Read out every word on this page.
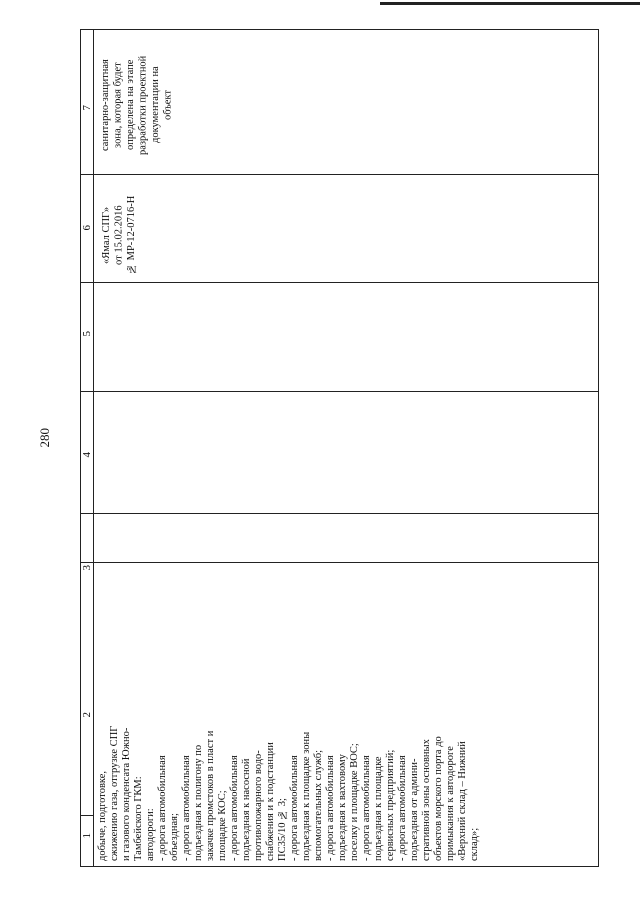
280
1
2
3
4
5
6
7
добыче, подготовке, сжижению газа, отгрузке СПГ и газового конденсата Южно- Тамбейского ГКМ: автодороги: - дорога автомобильная объездная; - дорога автомобильная подъездная к полигону по закачке промстоков в пласт и площадке КОС; - дорога автомобильная подъездная к насосной противопожарного водо- снабжения и к подстанции ПС35/10 № 3; - дорога автомобильная подъездная к площадке зоны вспомогательных служб; - дорога автомобильная подъездная к вахтовому поселку и площадке ВОС; - дорога автомобильная подъездная к площадке сервисных предприятий; - дорога автомобильная подъездная от админи- стративной зоны основных объектов морского порта до примыкания к автодороге «Верхний склад – Нижний склад»;
«Ямал СПГ» от 15.02.2016 № МР-12-0716-Н
санитарно-защитная зона, которая будет определена на этапе разработки проектной документации на объект
